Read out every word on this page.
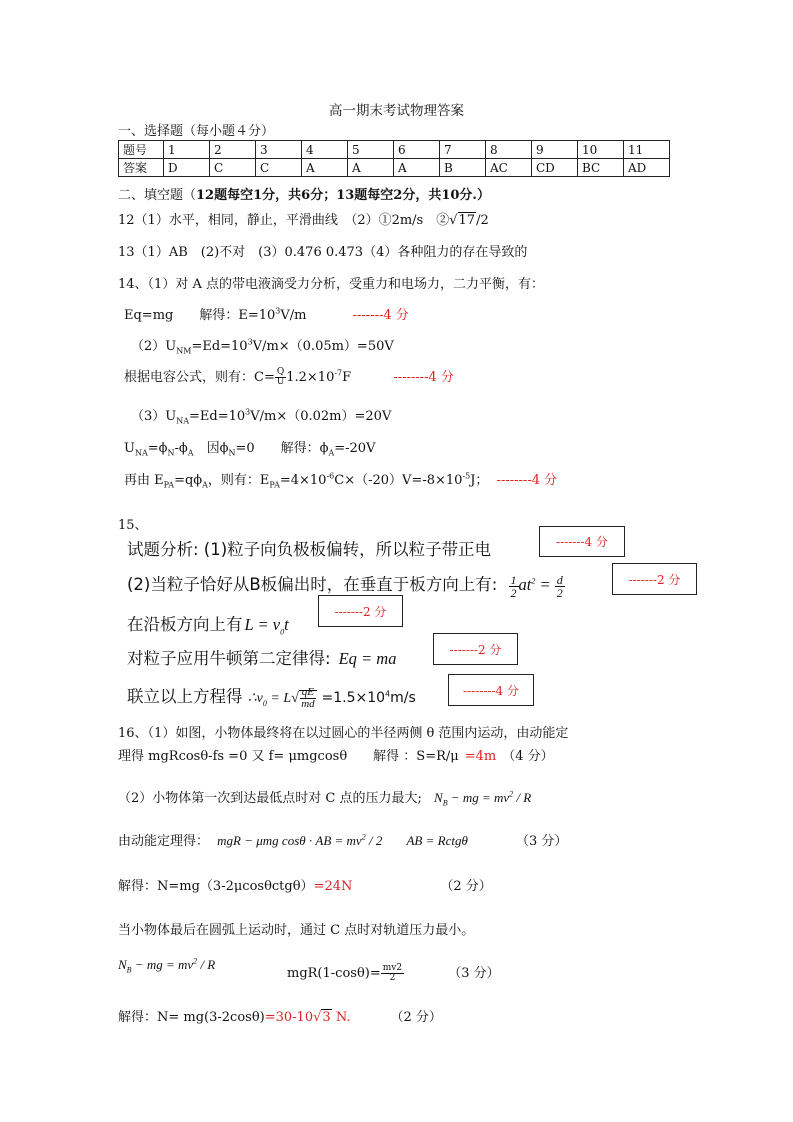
高一期末考试物理答案
一、选择题（每小题４分）
题号	1	2	3	4	5	6	7	8	9	10	11
答案	D	C	C	A	A	A	B	AC	CD	BC	AD
二、填空题（12题每空1分，共6分；13题每空2分，共10分.）
12（1）水平，相同，静止，平滑曲线　（2）①2m/s　②√17/2
13（1）AB　(2)不对　(3）0.476 0.473（4）各种阻力的存在导致的
14、（1）对 A 点的带电液滴受力分析，受重力和电场力，二力平衡，有：
Eq=mg　　解得：$E=10^3V/m$	-------4 分
$(2)U_{NM}=Ed=10^3V/m\times(0.05m)=50V$
根据电容公式，则有：$C= \frac{Q}{U} 1.2\times 10^{-7}F$	--------4 分
$(3)U_{NA}=Ed=10^3V/m\times(0.02m)=20V$
$U_{NA}=\phi_N-\phi_A$　因$\phi_N=0$　　解得：$\phi_A=-20V$
再由 $E_{PA}=q\phi_A$，则有：$E_{PA}=4\times 10^{-6}C\times(-20)V=-8\times 10^{-5}J$； --------4 分
15、
试题分析: (1)粒子向负极板偏转，所以粒子带正电	-------4 分
(2)当粒子恰好从B板偏出时，在垂直于板方向上有: $\frac{1}{2} at^2 = \frac{d}{2}$	-------2 分
在沿板方向上有 $L = v_0t$
-------2 分
对粒子应用牛顿第二定律得: Eq = ma	-------2 分
联立以上方程得 $\therefore v_0 = L√ \frac{qE}{md} =1.5\times 10^4m/s$	--------4 分
16、（1）如图，小物体最终将在以过圆心的半径两侧 θ 范围内运动，由动能定
理得 mgRcosθ-fs =0 又 f= μmgcosθ　　解得 ：S=R/μ =4m （4 分）
（2）小物体第一次到达最低点时对 C 点的压力最大; $N_B$ − mg = $mv^2$ / R
由动能定理得： mgR − μmg cosθ · AB = $mv^2 / 2$ AB = Rctgθ	（3 分）
解得：N=mg（3-2μcosθctgθ）=24N	（2 分）
当小物体最后在圆弧上运动时，通过 C 点时对轨道压力最小。
$N_B$ − mg = $mv^2$ / R
$mgR(1-\cos\theta)= \frac{mv2}{2}$	（3 分）
解得：N= mg(3-2cosθ)=30-10√3 N.	（2 分）
